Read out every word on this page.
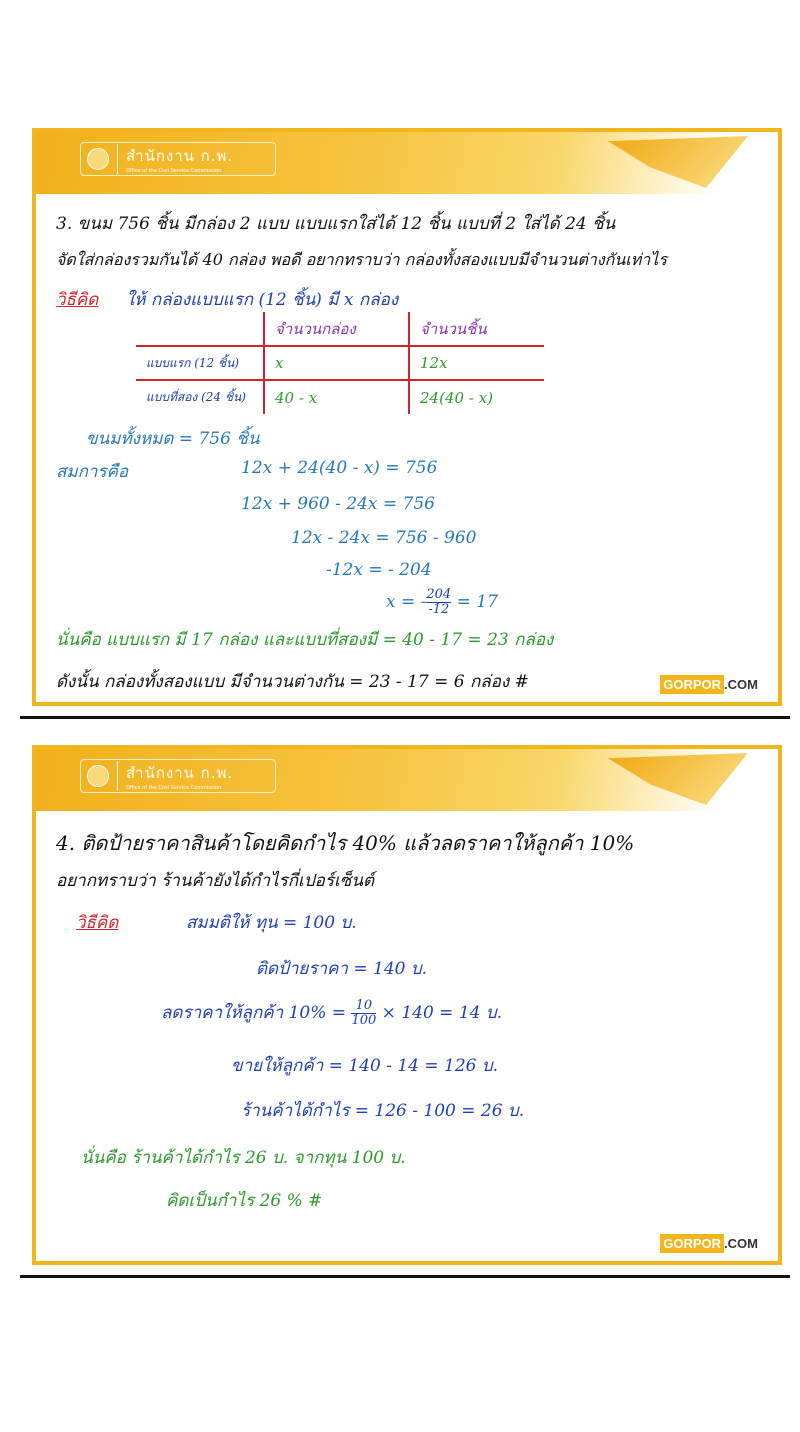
สำนักงาน ก.พ.
Office of the Civil Service Commission
3. ขนม 756 ชิ้น มีกล่อง 2 แบบ แบบแรกใส่ได้ 12 ชิ้น แบบที่ 2 ใส่ได้ 24 ชิ้น
จัดใส่กล่องรวมกันได้ 40 กล่อง พอดี อยากทราบว่า กล่องทั้งสองแบบมีจำนวนต่างกันเท่าไร
วิธีคิด ให้ กล่องแบบแรก (12 ชิ้น) มี x กล่อง
	จำนวนกล่อง	จำนวนชิ้น
แบบแรก (12 ชิ้น)	x	12x
แบบที่สอง (24 ชิ้น)	40 - x	24(40 - x)
ขนมทั้งหมด = 756 ชิ้น
สมการคือ	12x + 24(40 - x) = 756
12x + 960 - 24x = 756
12x - 24x = 756 - 960
-12x = - 204
x = - $\frac{204}{-12} = 17$
นั่นคือ แบบแรก มี 17 กล่อง และแบบที่สองมี = 40 - 17 = 23 กล่อง
ดังนั้น กล่องทั้งสองแบบ มีจำนวนต่างกัน = 23 - 17 = 6 กล่อง #	GORPOR .COM
สำนักงาน ก.พ.
Office of the Civil Service Commission
4. ติดป้ายราคาสินค้าโดยคิดกำไร 40% แล้วลดราคาให้ลูกค้า 10%
อยากทราบว่า ร้านค้ายังได้กำไรกี่เปอร์เซ็นต์
วิธีคิด	สมมติให้ ทุน = 100 บ.
ติดป้ายราคา = 140 บ.
ลดราคาให้ลูกค้า $10\% = \frac{10}{100} \times 140 = 14$ บ.
ขายให้ลูกค้า = 140 - 14 = 126 บ.
ร้านค้าได้กำไร = 126 - 100 = 26 บ.
นั่นคือ ร้านค้าได้กำไร 26 บ. จากทุน 100 บ.
คิดเป็นกำไร 26 % #
GORPOR .COM
